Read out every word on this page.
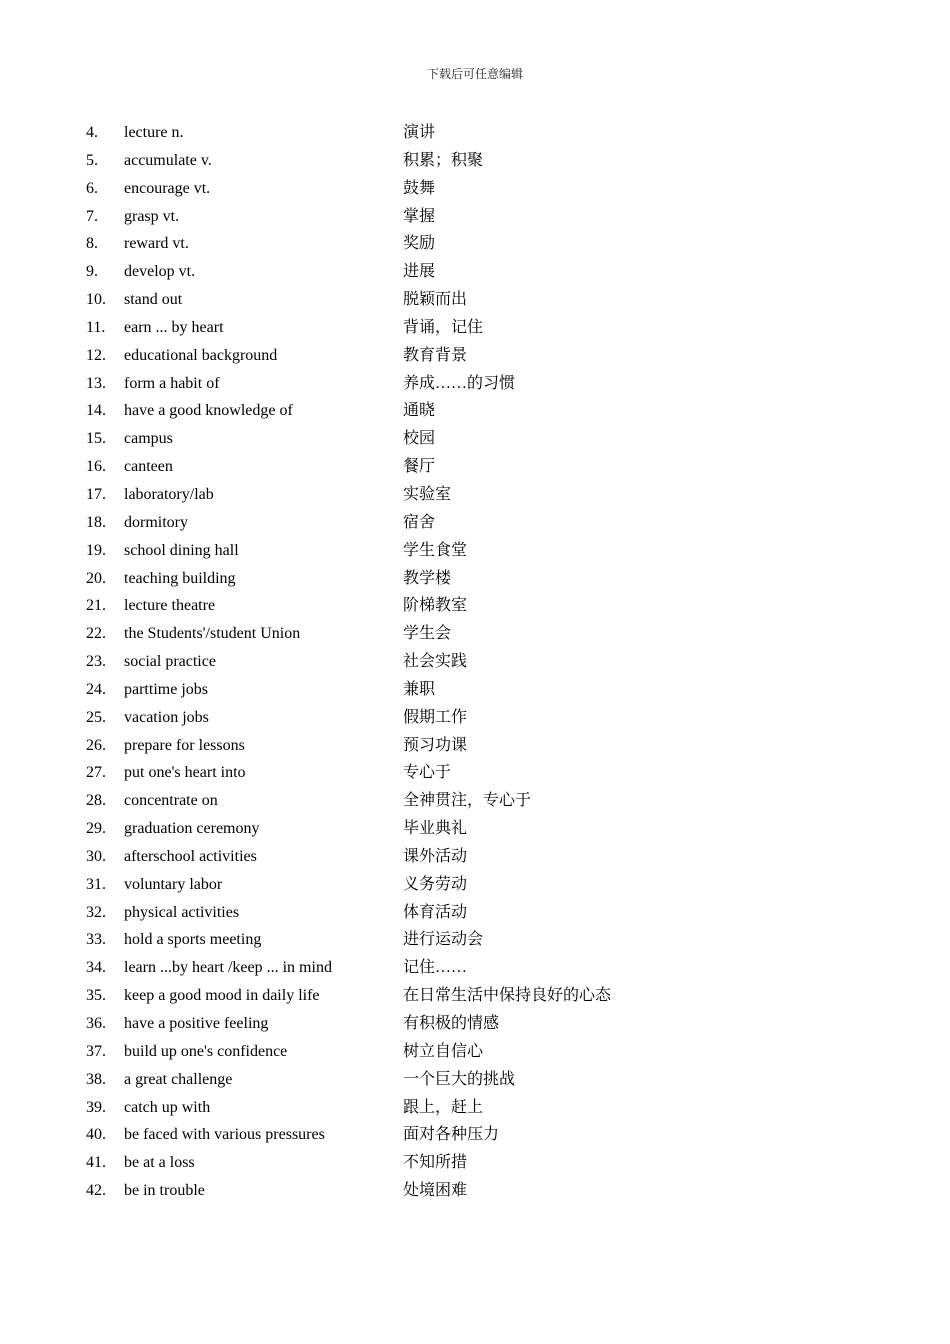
下载后可任意编辑
4. lecture n.	演讲
5. accumulate v.	积累；积聚
6. encourage vt.	鼓舞
7. grasp vt.	掌握
8. reward vt.	奖励
9. develop vt.	进展
10. stand out	脱颖而出
11. earn ... by heart	背诵，记住
12. educational background	教育背景
13. form a habit of	养成……的习惯
14. have a good knowledge of	通晓
15. campus	校园
16. canteen	餐厅
17. laboratory/lab	实验室
18. dormitory	宿舍
19. school dining hall	学生食堂
20. teaching building	教学楼
21. lecture theatre	阶梯教室
22. the Students'/student Union	学生会
23. social practice	社会实践
24. parttime jobs	兼职
25. vacation jobs	假期工作
26. prepare for lessons	预习功课
27. put one's heart into	专心于
28. concentrate on	全神贯注，专心于
29. graduation ceremony	毕业典礼
30. afterschool activities	课外活动
31. voluntary labor	义务劳动
32. physical activities	体育活动
33. hold a sports meeting	进行运动会
34. learn ...by heart /keep ... in mind	记住……
35. keep a good mood in daily life	在日常生活中保持良好的心态
36. have a positive feeling	有积极的情感
37. build up one's confidence	树立自信心
38. a great challenge	一个巨大的挑战
39. catch up with	跟上，赶上
40. be faced with various pressures	面对各种压力
41. be at a loss	不知所措
42. be in trouble	处境困难
